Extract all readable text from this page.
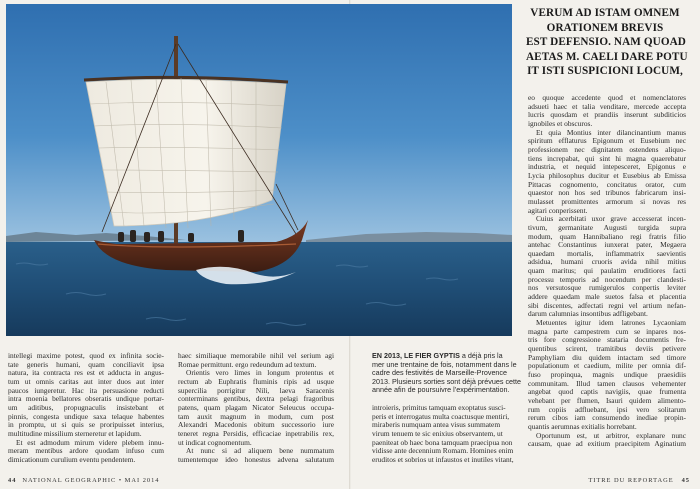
VERUM AD ISTAM OMNEM
ORATIONEM BREVIS
EST DEFENSIO. NAM QUOAD
AETAS M. CAELI DARE POTU
IT ISTI SUSPICIONI LOCUM,
intellegi maxime potest, quod ex infinita socie-
tate generis humani, quam conciliavit ipsa
natura, ita contracta res est et adducta in angus-
tum ut omnis caritas aut inter duos aut inter
paucos iungeretur. Hac ita persuasione reducti
intra moenia bellatores obseratis undique portar-
um aditibus, propugnaculis insistebant et
pinnis, congesta undique saxa telaque habentes
in promptu, ut si quis se proripuisset interius,
multitudine missilium sterneretur et lapidum.
Et est admodum mirum videre plebem innu-
meram mentibus ardore quodam infuso cum
dimicationum curulium eventu pendentem.
haec similiaque memorabile nihil vel serium agi
Romae permittunt. ergo redeundum ad textum.
Orientis vero limes in longum protentus et
rectum ab Euphratis fluminis ripis ad usque
supercilia porrigitur Nili, laeva Saracenis
conterminans gentibus, dextra pelagi fragoribus
patens, quam plagam Nicator Seleucus occupa-
tam auxit magnum in modum, cum post
Alexandri Macedonis obitum successorio iure
teneret regna Persidis, efficaciae inpetrabilis rex,
ut indicat cognomentum.
At nunc si ad aliquem bene nummatum
tumentemque ideo honestus advena salutatum
EN 2013, LE FIER GYPTIS a déjà pris la
mer une trentaine de fois, notamment dans le
cadre des festivités de Marseille-Provence
2013. Plusieurs sorties sont déjà prévues cette
année afin de poursuivre l’expérimentation.
introieris, primitus tamquam exoptatus susci-
peris et interrogatus multa coactusque mentiri,
miraberis numquam antea visus summatem
virum tenuem te sic enixius observantem, ut
paeniteat ob haec bona tamquam praecipua non
vidisse ante decennium Romam. Homines enim
eruditos et sobrios ut infaustos et inutiles vitant,
eo quoque accedente quod et nomenclatores
adsueti haec et talia venditare, mercede accepta
lucris quosdam et prandiis inserunt subditicios
ignobiles et obscuros.
Et quia Montius inter dilancinantium manus
spiritum efflaturus Epigonum et Eusebium nec
professionem nec dignitatem ostendens aliquo-
tiens increpabat, qui sint hi magna quaerebatur
industria, et nequid intepesceret, Epigonus e
Lycia philosophus ducitur et Eusebius ab Emissa
Pittacas cognomento, concitatus orator, cum
quaestor non hos sed tribunos fabricarum insi-
mulasset promittentes armorum si novas res
agitari conperissent.
Cuius acerbitati uxor grave accesserat incen-
tivum, germanitate Augusti turgida supra
modum, quam Hannibaliano regi fratris filio
antehac Constantinus iunxerat pater, Megaera
quaedam mortalis, inflammatrix saevientis
adsidua, humani cruoris avida nihil mitius
quam maritus; qui paulatim eruditiores facti
processu temporis ad nocendum per clandesti-
nos versutosque rumigerulos conpertis leviter
addere quaedam male suetos falsa et placentia
sibi discentes, adfectati regni vel artium nefan-
darum calumnias insontibus adfligebant.
Metuentes igitur idem latrones Lycaoniam
magna parte campestrem cum se inpares nos-
tris fore congressione stataria documentis fre-
quentibus scirent, tramitibus deviis petivere
Pamphyliam diu quidem intactam sed timore
populationum et caedium, milite per omnia dif-
fuso propinqua, magnis undique praesidiis
communitam. Illud tamen clausos vehementer
angebat quod captis navigiis, quae frumenta
vehebant per flumen, Isauri quidem alimento-
rum copiis adfluebant, ipsi vero solitarum
rerum cibos iam consumendo inediae propin-
quantis aerumnas exitialis horrebant.
Oportunum est, ut arbitror, explanare nunc
causam, quae ad exitium praecipitem Aginatium
44 NATIONAL GEOGRAPHIC • MAI 2014	TITRE DU REPORTAGE 45
